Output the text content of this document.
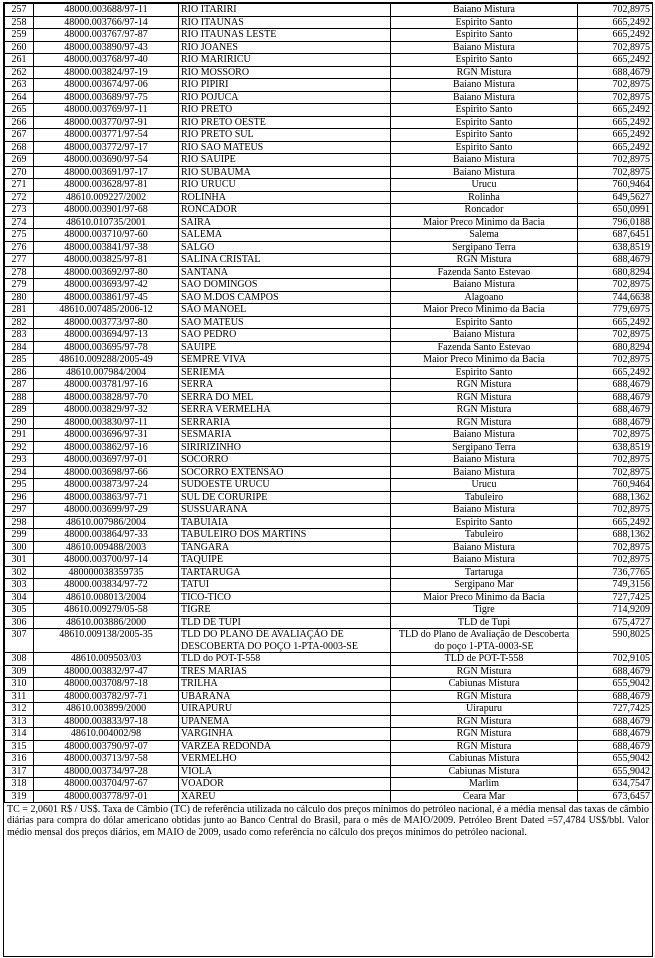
257	48000.003688/97-11	RIO ITARIRI	Baiano Mistura	702,8975
258	48000.003766/97-14	RIO ITAUNAS	Espirito Santo	665,2492
259	48000.003767/97-87	RIO ITAUNAS LESTE	Espirito Santo	665,2492
260	48000.003890/97-43	RIO JOANES	Baiano Mistura	702,8975
261	48000.003768/97-40	RIO MARIRICU	Espirito Santo	665,2492
262	48000.003824/97-19	RIO MOSSORO	RGN Mistura	688,4679
263	48000.003674/97-06	RIO PIPIRI	Baiano Mistura	702,8975
264	48000.003689/97-75	RIO POJUCA	Baiano Mistura	702,8975
265	48000.003769/97-11	RIO PRETO	Espirito Santo	665,2492
266	48000.003770/97-91	RIO PRETO OESTE	Espirito Santo	665,2492
267	48000.003771/97-54	RIO PRETO SUL	Espirito Santo	665,2492
268	48000.003772/97-17	RIO SAO MATEUS	Espirito Santo	665,2492
269	48000.003690/97-54	RIO SAUIPE	Baiano Mistura	702,8975
270	48000.003691/97-17	RIO SUBAUMA	Baiano Mistura	702,8975
271	48000.003628/97-81	RIO URUCU	Urucu	760,9464
272	48610.009227/2002	ROLINHA	Rolinha	649,5627
273	48000.003901/97-68	RONCADOR	Roncador	650,0991
274	48610.010735/2001	SAIRA	Maior Preco Minimo da Bacia	796,0188
275	48000.003710/97-60	SALEMA	Salema	687,6451
276	48000.003841/97-38	SALGO	Sergipano Terra	638,8519
277	48000.003825/97-81	SALINA CRISTAL	RGN Mistura	688,4679
278	48000.003692/97-80	SANTANA	Fazenda Santo Estevao	680,8294
279	48000.003693/97-42	SAO DOMINGOS	Baiano Mistura	702,8975
280	48000.003861/97-45	SAO M.DOS CAMPOS	Alagoano	744,6638
281	48610.007485/2006-12	SÃO MANOEL	Maior Preco Minimo da Bacia	779,6975
282	48000.003773/97-80	SAO MATEUS	Espirito Santo	665,2492
283	48000.003694/97-13	SAO PEDRO	Baiano Mistura	702,8975
284	48000.003695/97-78	SAUIPE	Fazenda Santo Estevao	680,8294
285	48610.009288/2005-49	SEMPRE VIVA	Maior Preco Minimo da Bacia	702,8975
286	48610.007984/2004	SERIEMA	Espirito Santo	665,2492
287	48000.003781/97-16	SERRA	RGN Mistura	688,4679
288	48000.003828/97-70	SERRA DO MEL	RGN Mistura	688,4679
289	48000.003829/97-32	SERRA VERMELHA	RGN Mistura	688,4679
290	48000.003830/97-11	SERRARIA	RGN Mistura	688,4679
291	48000.003696/97-31	SESMARIA	Baiano Mistura	702,8975
292	48000.003862/97-16	SIRIRIZINHO	Sergipano Terra	638,8519
293	48000.003697/97-01	SOCORRO	Baiano Mistura	702,8975
294	48000.003698/97-66	SOCORRO EXTENSAO	Baiano Mistura	702,8975
295	48000.003873/97-24	SUDOESTE URUCU	Urucu	760,9464
296	48000.003863/97-71	SUL DE CORURIPE	Tabuleiro	688,1362
297	48000.003699/97-29	SUSSUARANA	Baiano Mistura	702,8975
298	48610.007986/2004	TABUIAIA	Espirito Santo	665,2492
299	48000.003864/97-33	TABULEIRO DOS MARTINS	Tabuleiro	688,1362
300	48610.009488/2003	TANGARA	Baiano Mistura	702,8975
301	48000.003700/97-14	TAQUIPE	Baiano Mistura	702,8975
302	480000038359735	TARTARUGA	Tartaruga	736,7765
303	48000.003834/97-72	TATUI	Sergipano Mar	749,3156
304	48610.008013/2004	TICO-TICO	Maior Preco Minimo da Bacia	727,7425
305	48610.009279/05-58	TIGRE	Tigre	714,9209
306	48610.003886/2000	TLD DE TUPI	TLD de Tupi	675,4727
307	48610.009138/2005-35	TLD DO PLANO DE AVALIAÇÃO DE DESCOBERTA DO POÇO 1-PTA-0003-SE	TLD do Plano de Avaliação de Descoberta do poço 1-PTA-0003-SE	590,8025
308	48610.009503/03	TLD do POT-T-558	TLD de POT-T-558	702,9105
309	48000.003832/97-47	TRES MARIAS	RGN Mistura	688,4679
310	48000.003708/97-18	TRILHA	Cabiunas Mistura	655,9042
311	48000.003782/97-71	UBARANA	RGN Mistura	688,4679
312	48610.003899/2000	UIRAPURU	Uirapuru	727,7425
313	48000.003833/97-18	UPANEMA	RGN Mistura	688,4679
314	48610.004002/98	VARGINHA	RGN Mistura	688,4679
315	48000.003790/97-07	VARZEA REDONDA	RGN Mistura	688,4679
316	48000.003713/97-58	VERMELHO	Cabiunas Mistura	655,9042
317	48000.003734/97-28	VIOLA	Cabiunas Mistura	655,9042
318	48000.003704/97-67	VOADOR	Marlim	634,7547
319	48000.003778/97-01	XAREU	Ceara Mar	673,6457
TC = 2,0601 R$ / US$. Taxa de Câmbio (TC) de referência utilizada no cálculo dos preços mínimos do petróleo nacional, é a média mensal das taxas de câmbio diárias para compra do dólar americano obtidas junto ao Banco Central do Brasil, para o mês de MAIO/2009. Petróleo Brent Dated =57,4784 US$/bbl. Valor médio mensal dos preços diários, em MAIO de 2009, usado como referência no cálculo dos preços mínimos do petróleo nacional.
